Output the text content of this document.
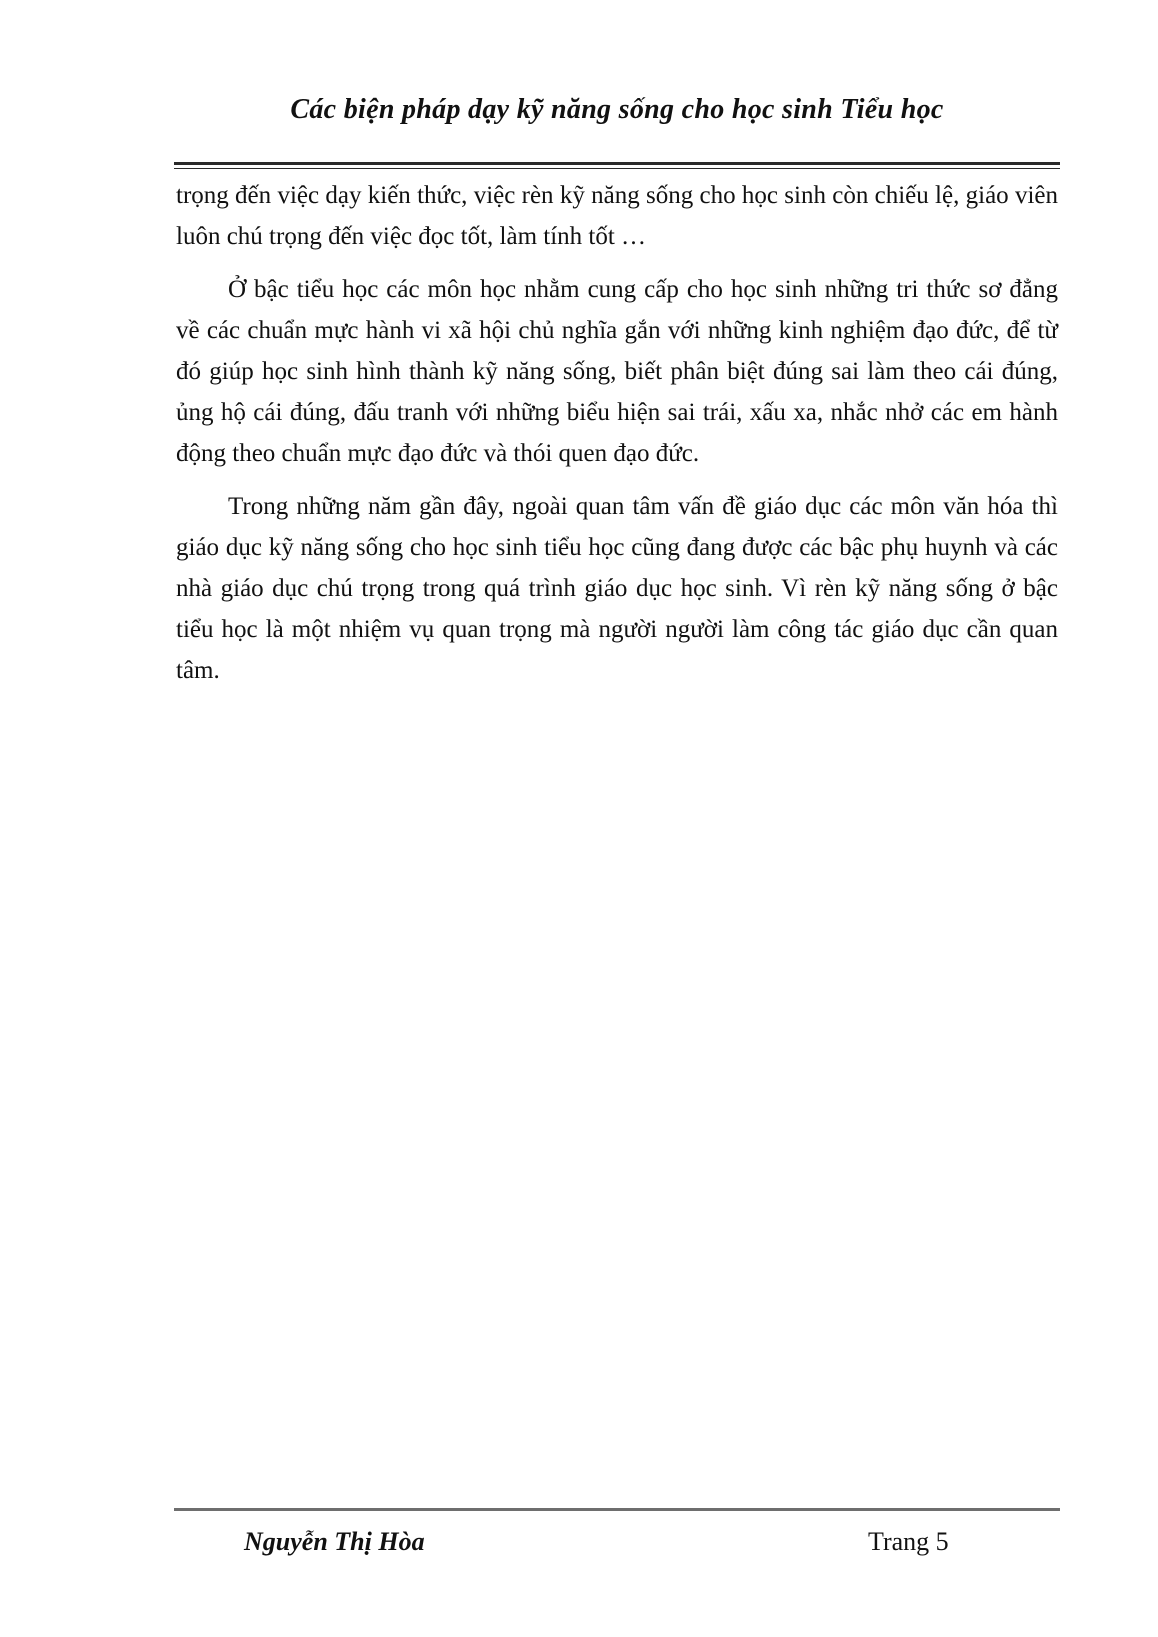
Các biện pháp dạy kỹ năng sống cho học sinh Tiểu học

trọng đến việc dạy kiến thức, việc rèn kỹ năng sống cho học sinh còn chiếu lệ, giáo viên luôn chú trọng đến việc đọc tốt, làm tính tốt …

Ở bậc tiểu học các môn học nhằm cung cấp cho học sinh những tri thức sơ đẳng về các chuẩn mực hành vi xã hội chủ nghĩa gắn với những kinh nghiệm đạo đức, để từ đó giúp học sinh hình thành kỹ năng sống, biết phân biệt đúng sai làm theo cái đúng, ủng hộ cái đúng, đấu tranh với những biểu hiện sai trái, xấu xa, nhắc nhở các em hành động theo chuẩn mực đạo đức và thói quen đạo đức.

Trong những năm gần đây, ngoài quan tâm vấn đề giáo dục các môn văn hóa thì giáo dục kỹ năng sống cho học sinh tiểu học cũng đang được các bậc phụ huynh và các nhà giáo dục chú trọng trong quá trình giáo dục học sinh. Vì rèn kỹ năng sống ở bậc tiểu học là một nhiệm vụ quan trọng mà người người làm công tác giáo dục cần quan tâm.

Nguyễn Thị Hòa	Trang 5
